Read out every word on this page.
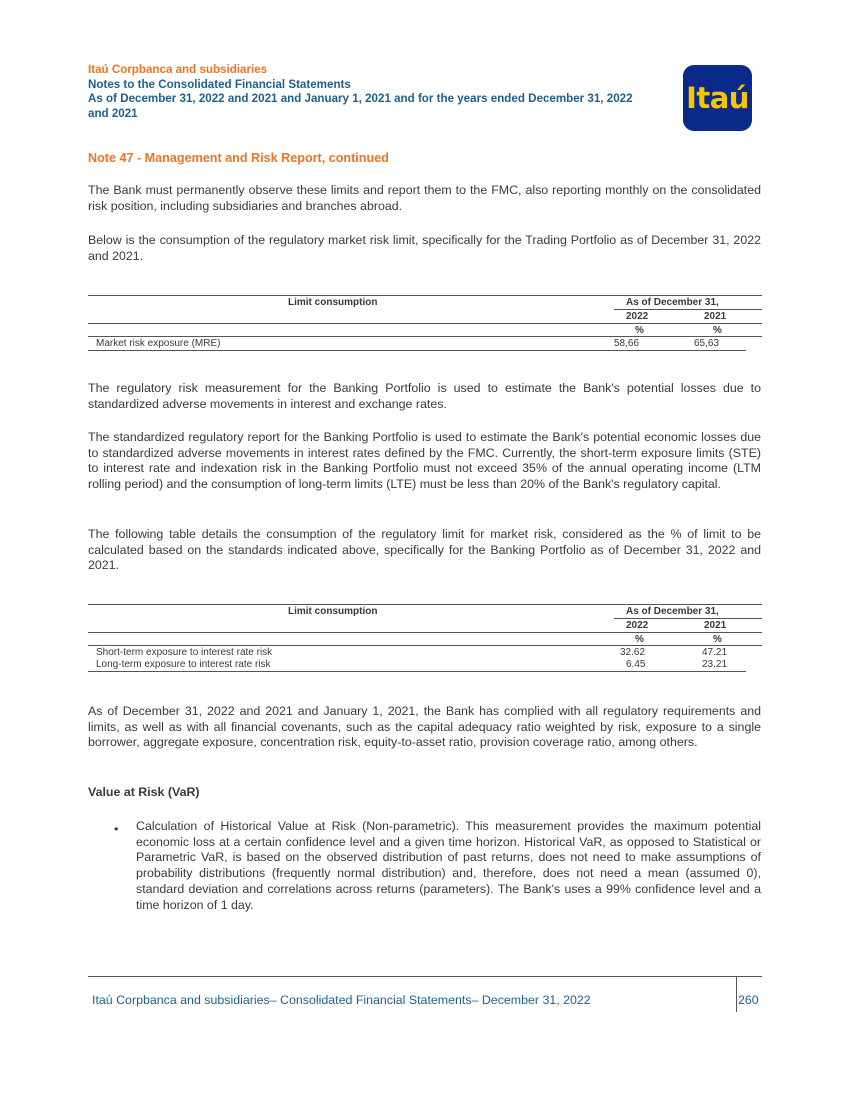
Itaú Corpbanca and subsidiaries
Notes to the Consolidated Financial Statements
As of December 31, 2022 and 2021 and January 1, 2021 and for the years ended December 31, 2022
and 2021	Itaú
Note 47 - Management and Risk Report, continued

The Bank must permanently observe these limits and report them to the FMC, also reporting monthly on the consolidated risk position, including subsidiaries and branches abroad.

Below is the consumption of the regulatory market risk limit, specifically for the Trading Portfolio as of December 31, 2022 and 2021.

Limit consumption	As of December 31,
2022	2021
%	%
Market risk exposure (MRE)	58,66	65,63

The regulatory risk measurement for the Banking Portfolio is used to estimate the Bank's potential losses due to standardized adverse movements in interest and exchange rates.

The standardized regulatory report for the Banking Portfolio is used to estimate the Bank's potential economic losses due to standardized adverse movements in interest rates defined by the FMC. Currently, the short-term exposure limits (STE) to interest rate and indexation risk in the Banking Portfolio must not exceed 35% of the annual operating income (LTM rolling period) and the consumption of long-term limits (LTE) must be less than 20% of the Bank's regulatory capital.

The following table details the consumption of the regulatory limit for market risk, considered as the % of limit to be calculated based on the standards indicated above, specifically for the Banking Portfolio as of December 31, 2022 and 2021.

Limit consumption	As of December 31,
2022	2021
%	%
Short-term exposure to interest rate risk	32.62	47.21
Long-term exposure to interest rate risk	6.45	23.21

As of December 31, 2022 and 2021 and January 1, 2021, the Bank has complied with all regulatory requirements and limits, as well as with all financial covenants, such as the capital adequacy ratio weighted by risk, exposure to a single borrower, aggregate exposure, concentration risk, equity-to-asset ratio, provision coverage ratio, among others.

Value at Risk (VaR)
• Calculation of Historical Value at Risk (Non-parametric). This measurement provides the maximum potential economic loss at a certain confidence level and a given time horizon. Historical VaR, as opposed to Statistical or Parametric VaR, is based on the observed distribution of past returns, does not need to make assumptions of probability distributions (frequently normal distribution) and, therefore, does not need a mean (assumed 0), standard deviation and correlations across returns (parameters). The Bank's uses a 99% confidence level and a time horizon of 1 day.

Itaú Corpbanca and subsidiaries– Consolidated Financial Statements– December 31, 2022	260
